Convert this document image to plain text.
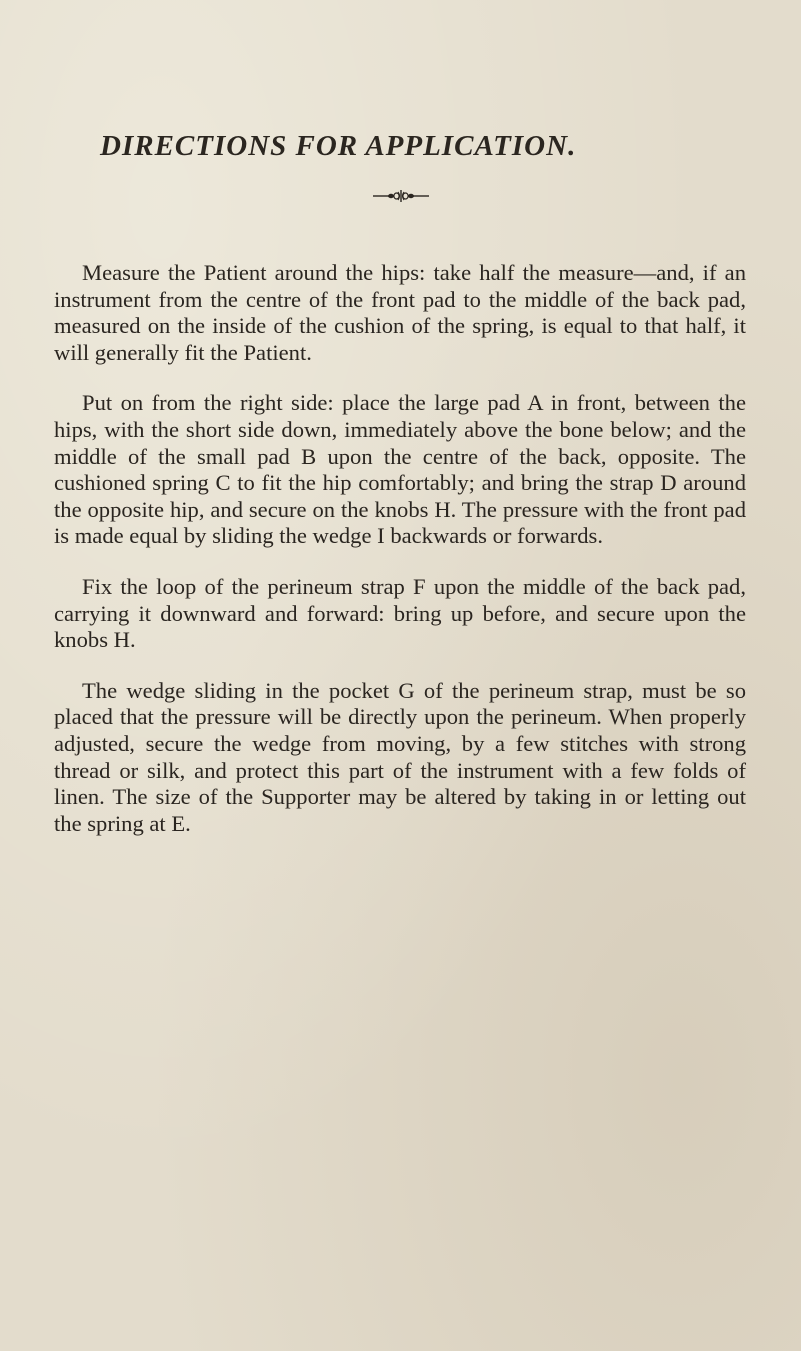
DIRECTIONS FOR APPLICATION.

Measure the Patient around the hips: take half the measure—and, if an instrument from the centre of the front pad to the middle of the back pad, measured on the inside of the cushion of the spring, is equal to that half, it will generally fit the Patient.

Put on from the right side: place the large pad A in front, between the hips, with the short side down, immediately above the bone below; and the middle of the small pad B upon the centre of the back, opposite. The cushioned spring C to fit the hip comfortably; and bring the strap D around the opposite hip, and secure on the knobs H. The pressure with the front pad is made equal by sliding the wedge I backwards or forwards.

Fix the loop of the perineum strap F upon the middle of the back pad, carrying it downward and forward: bring up before, and secure upon the knobs H.

The wedge sliding in the pocket G of the perineum strap, must be so placed that the pressure will be directly upon the perineum. When properly adjusted, secure the wedge from moving, by a few stitches with strong thread or silk, and protect this part of the instrument with a few folds of linen. The size of the Supporter may be altered by taking in or letting out the spring at E.
